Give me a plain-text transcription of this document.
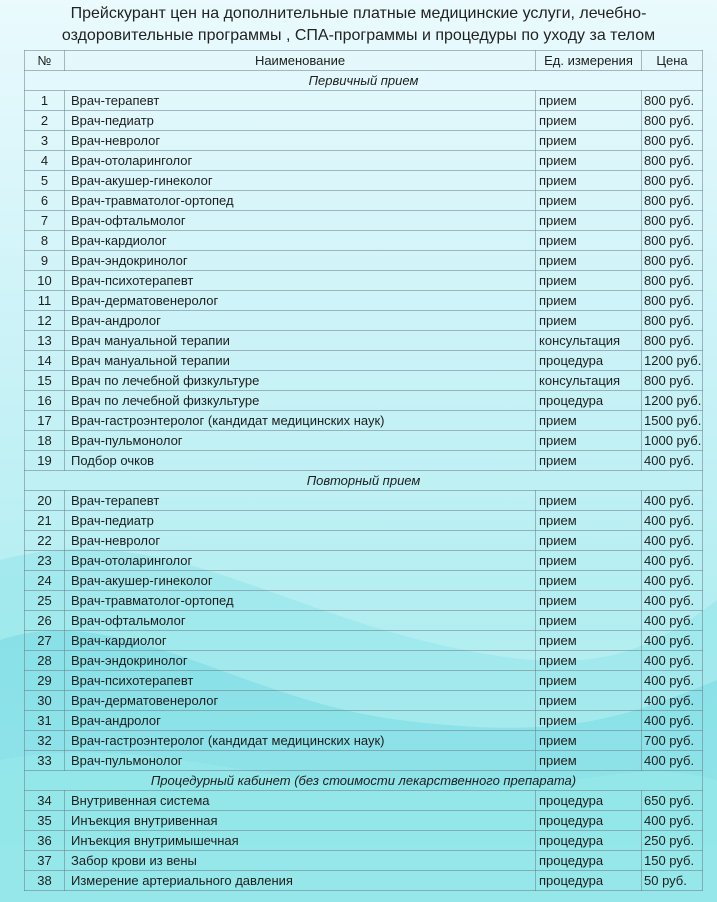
Прейскурант цен на дополнительные платные медицинские услуги, лечебно-
оздоровительные программы , СПА-программы и процедуры по уходу за телом
№	Наименование	Ед. измерения	Цена
Первичный прием			
1	Врач-терапевт	прием	800 руб.
2	Врач-педиатр	прием	800 руб.
3	Врач-невролог	прием	800 руб.
4	Врач-отоларинголог	прием	800 руб.
5	Врач-акушер-гинеколог	прием	800 руб.
6	Врач-травматолог-ортопед	прием	800 руб.
7	Врач-офтальмолог	прием	800 руб.
8	Врач-кардиолог	прием	800 руб.
9	Врач-эндокринолог	прием	800 руб.
10	Врач-психотерапевт	прием	800 руб.
11	Врач-дерматовенеролог	прием	800 руб.
12	Врач-андролог	прием	800 руб.
13	Врач мануальной терапии	консультация	800 руб.
14	Врач мануальной терапии	процедура	1200 руб.
15	Врач по лечебной физкультуре	консультация	800 руб.
16	Врач по лечебной физкультуре	процедура	1200 руб.
17	Врач-гастроэнтеролог (кандидат медицинских наук)	прием	1500 руб.
18	Врач-пульмонолог	прием	1000 руб.
19	Подбор очков	прием	400 руб.
Повторный прием			
20	Врач-терапевт	прием	400 руб.
21	Врач-педиатр	прием	400 руб.
22	Врач-невролог	прием	400 руб.
23	Врач-отоларинголог	прием	400 руб.
24	Врач-акушер-гинеколог	прием	400 руб.
25	Врач-травматолог-ортопед	прием	400 руб.
26	Врач-офтальмолог	прием	400 руб.
27	Врач-кардиолог	прием	400 руб.
28	Врач-эндокринолог	прием	400 руб.
29	Врач-психотерапевт	прием	400 руб.
30	Врач-дерматовенеролог	прием	400 руб.
31	Врач-андролог	прием	400 руб.
32	Врач-гастроэнтеролог (кандидат медицинских наук)	прием	700 руб.
33	Врач-пульмонолог	прием	400 руб.
Процедурный кабинет (без стоимости лекарственного препарата)			
34	Внутривенная система	процедура	650 руб.
35	Инъекция внутривенная	процедура	400 руб.
36	Инъекция внутримышечная	процедура	250 руб.
37	Забор крови из вены	процедура	150 руб.
38	Измерение артериального давления	процедура	50 руб.
